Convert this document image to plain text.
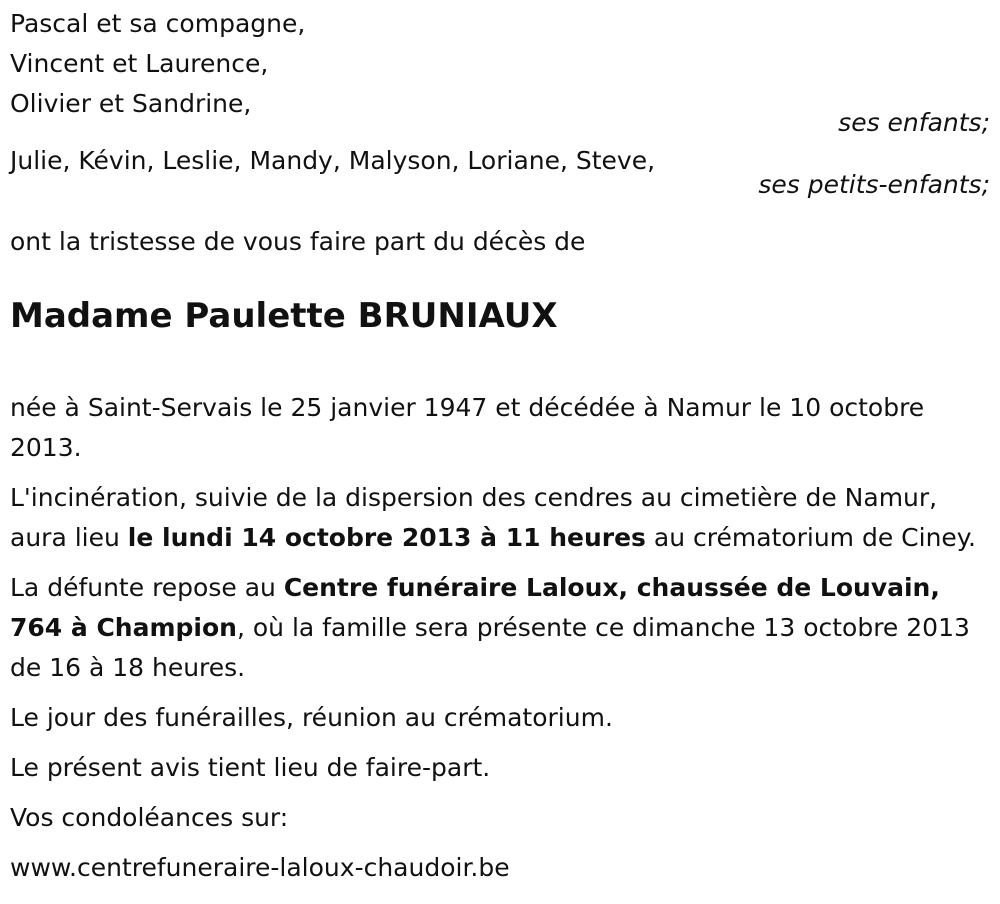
Pascal et sa compagne,
Vincent et Laurence,
Olivier et Sandrine,
ses enfants;
Julie, Kévin, Leslie, Mandy, Malyson, Loriane, Steve,
ses petits-enfants;
ont la tristesse de vous faire part du décès de
Madame Paulette BRUNIAUX
née à Saint-Servais le 25 janvier 1947 et décédée à Namur le 10 octobre 2013.
L'incinération, suivie de la dispersion des cendres au cimetière de Namur, aura lieu le lundi 14 octobre 2013 à 11 heures au crématorium de Ciney.
La défunte repose au Centre funéraire Laloux, chaussée de Louvain, 764 à Champion, où la famille sera présente ce dimanche 13 octobre 2013 de 16 à 18 heures.
Le jour des funérailles, réunion au crématorium.
Le présent avis tient lieu de faire-part.
Vos condoléances sur:
www.centrefuneraire-laloux-chaudoir.be
